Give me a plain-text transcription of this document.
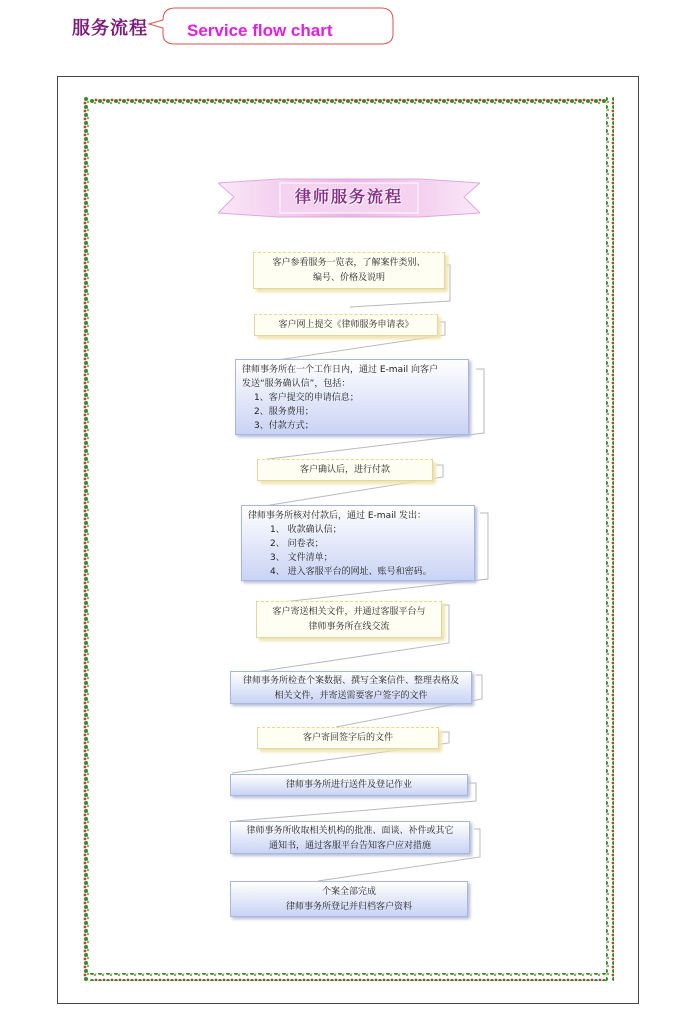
服务流程 Service flow chart
律师服务流程
客户参看服务一览表，了解案件类别、
编号、价格及说明
客户网上提交《律师服务申请表》
律师事务所在一个工作日内，通过 E-mail 向客户
发送“服务确认信”，包括：
1、客户提交的申请信息；
2、服务费用；
3、付款方式；
客户确认后，进行付款
律师事务所核对付款后，通过 E-mail 发出：
1、 收款确认信；
2、 问卷表；
3、 文件清单；
4、 进入客服平台的网址、账号和密码。
客户寄送相关文件，并通过客服平台与
律师事务所在线交流
律师事务所检查个案数据、撰写全案信件、整理表格及
相关文件，并寄送需要客户签字的文件
客户寄回签字后的文件
律师事务所进行送件及登记作业
律师事务所收取相关机构的批准、面谈、补件或其它
通知书，通过客服平台告知客户应对措施
个案全部完成
律师事务所登记并归档客户资料
